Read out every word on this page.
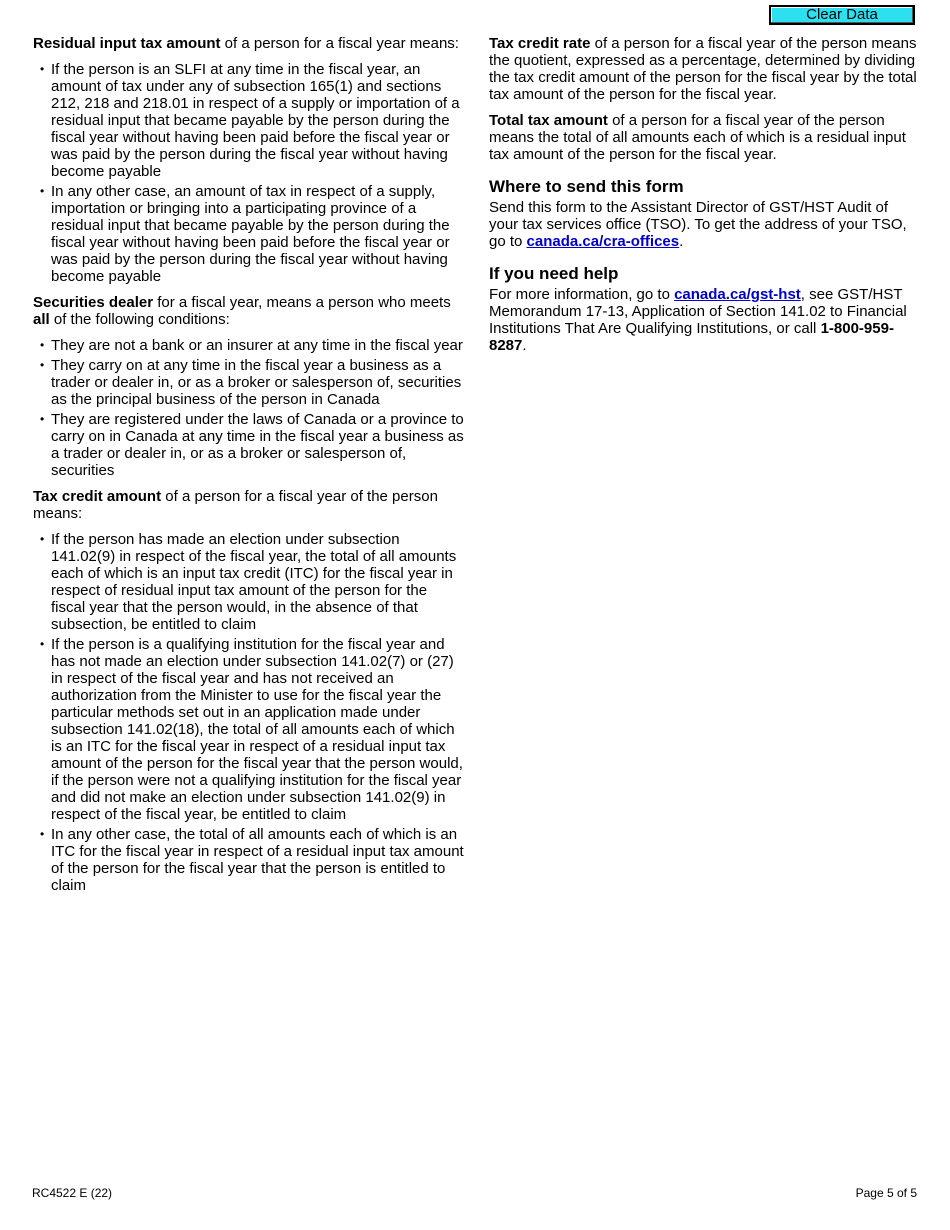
Clear Data

Residual input tax amount of a person for a fiscal year means:

• If the person is an SLFI at any time in the fiscal year, an amount of tax under any of subsection 165(1) and sections 212, 218 and 218.01 in respect of a supply or importation of a residual input that became payable by the person during the fiscal year without having been paid before the fiscal year or was paid by the person during the fiscal year without having become payable
• In any other case, an amount of tax in respect of a supply, importation or bringing into a participating province of a residual input that became payable by the person during the fiscal year without having been paid before the fiscal year or was paid by the person during the fiscal year without having become payable

Securities dealer for a fiscal year, means a person who meets all of the following conditions:

• They are not a bank or an insurer at any time in the fiscal year
• They carry on at any time in the fiscal year a business as a trader or dealer in, or as a broker or salesperson of, securities as the principal business of the person in Canada
• They are registered under the laws of Canada or a province to carry on in Canada at any time in the fiscal year a business as a trader or dealer in, or as a broker or salesperson of, securities

Tax credit amount of a person for a fiscal year of the person means:

• If the person has made an election under subsection 141.02(9) in respect of the fiscal year, the total of all amounts each of which is an input tax credit (ITC) for the fiscal year in respect of residual input tax amount of the person for the fiscal year that the person would, in the absence of that subsection, be entitled to claim
• If the person is a qualifying institution for the fiscal year and has not made an election under subsection 141.02(7) or (27) in respect of the fiscal year and has not received an authorization from the Minister to use for the fiscal year the particular methods set out in an application made under subsection 141.02(18), the total of all amounts each of which is an ITC for the fiscal year in respect of a residual input tax amount of the person for the fiscal year that the person would, if the person were not a qualifying institution for the fiscal year and did not make an election under subsection 141.02(9) in respect of the fiscal year, be entitled to claim
• In any other case, the total of all amounts each of which is an ITC for the fiscal year in respect of a residual input tax amount of the person for the fiscal year that the person is entitled to claim

Tax credit rate of a person for a fiscal year of the person means the quotient, expressed as a percentage, determined by dividing the tax credit amount of the person for the fiscal year by the total tax amount of the person for the fiscal year.

Total tax amount of a person for a fiscal year of the person means the total of all amounts each of which is a residual input tax amount of the person for the fiscal year.

Where to send this form

Send this form to the Assistant Director of GST/HST Audit of your tax services office (TSO). To get the address of your TSO, go to canada.ca/cra-offices.

If you need help

For more information, go to canada.ca/gst-hst, see GST/HST Memorandum 17-13, Application of Section 141.02 to Financial Institutions That Are Qualifying Institutions, or call 1-800-959-8287.

RC4522 E (22)	Page 5 of 5
